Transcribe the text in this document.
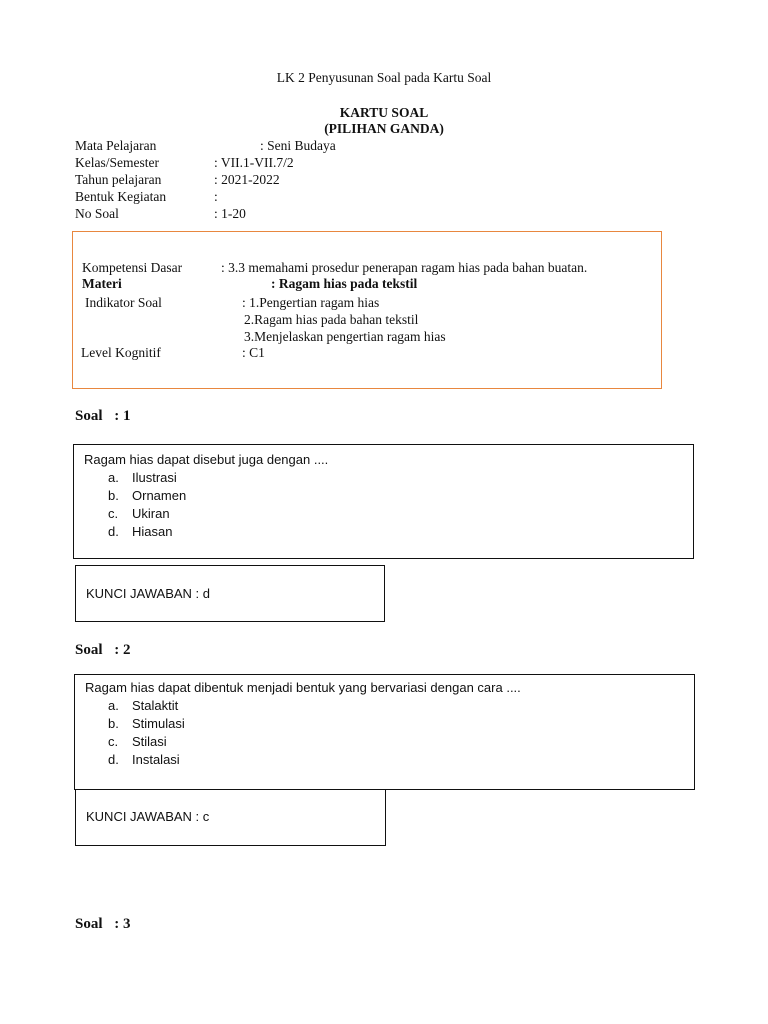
LK 2 Penyusunan Soal pada Kartu Soal
KARTU SOAL
(PILIHAN GANDA)
Mata Pelajaran	: Seni Budaya
Kelas/Semester	: VII.1-VII.7/2
Tahun pelajaran	: 2021-2022
Bentuk Kegiatan	:
No Soal	: 1-20
Kompetensi Dasar	: 3.3 memahami prosedur penerapan ragam hias pada bahan buatan.
Materi	: Ragam hias pada tekstil
Indikator Soal	: 1.Pengertian ragam hias
2.Ragam hias pada bahan tekstil
3.Menjelaskan pengertian ragam hias
Level Kognitif	: C1
Soal : 1
Ragam hias dapat disebut juga dengan ....
a. Ilustrasi
b. Ornamen
c. Ukiran
d. Hiasan
KUNCI JAWABAN : d
Soal : 2
Ragam hias dapat dibentuk menjadi bentuk yang bervariasi dengan cara ....
a. Stalaktit
b. Stimulasi
c. Stilasi
d. Instalasi
KUNCI JAWABAN : c
Soal : 3
